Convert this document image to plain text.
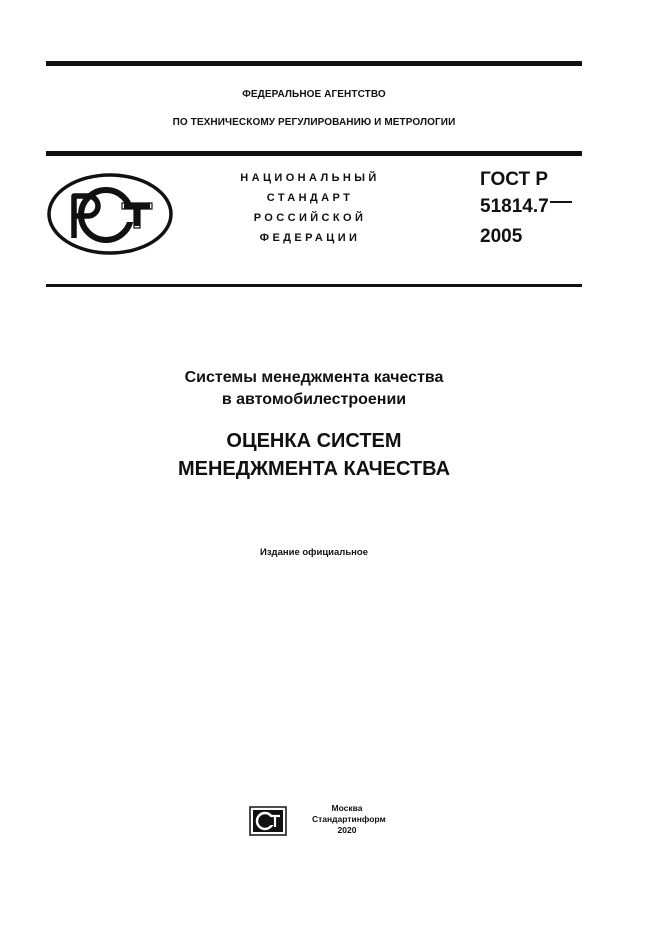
ФЕДЕРАЛЬНОЕ АГЕНТСТВО
ПО ТЕХНИЧЕСКОМУ РЕГУЛИРОВАНИЮ И МЕТРОЛОГИИ
НАЦИОНАЛЬНЫЙ
СТАНДАРТ
РОССИЙСКОЙ
ФЕДЕРАЦИИ
ГОСТ Р
51814.7
2005
Системы менеджмента качества
в автомобилестроении
ОЦЕНКА СИСТЕМ
МЕНЕДЖМЕНТА КАЧЕСТВА
Издание официальное
Москва
Стандартинформ
2020
